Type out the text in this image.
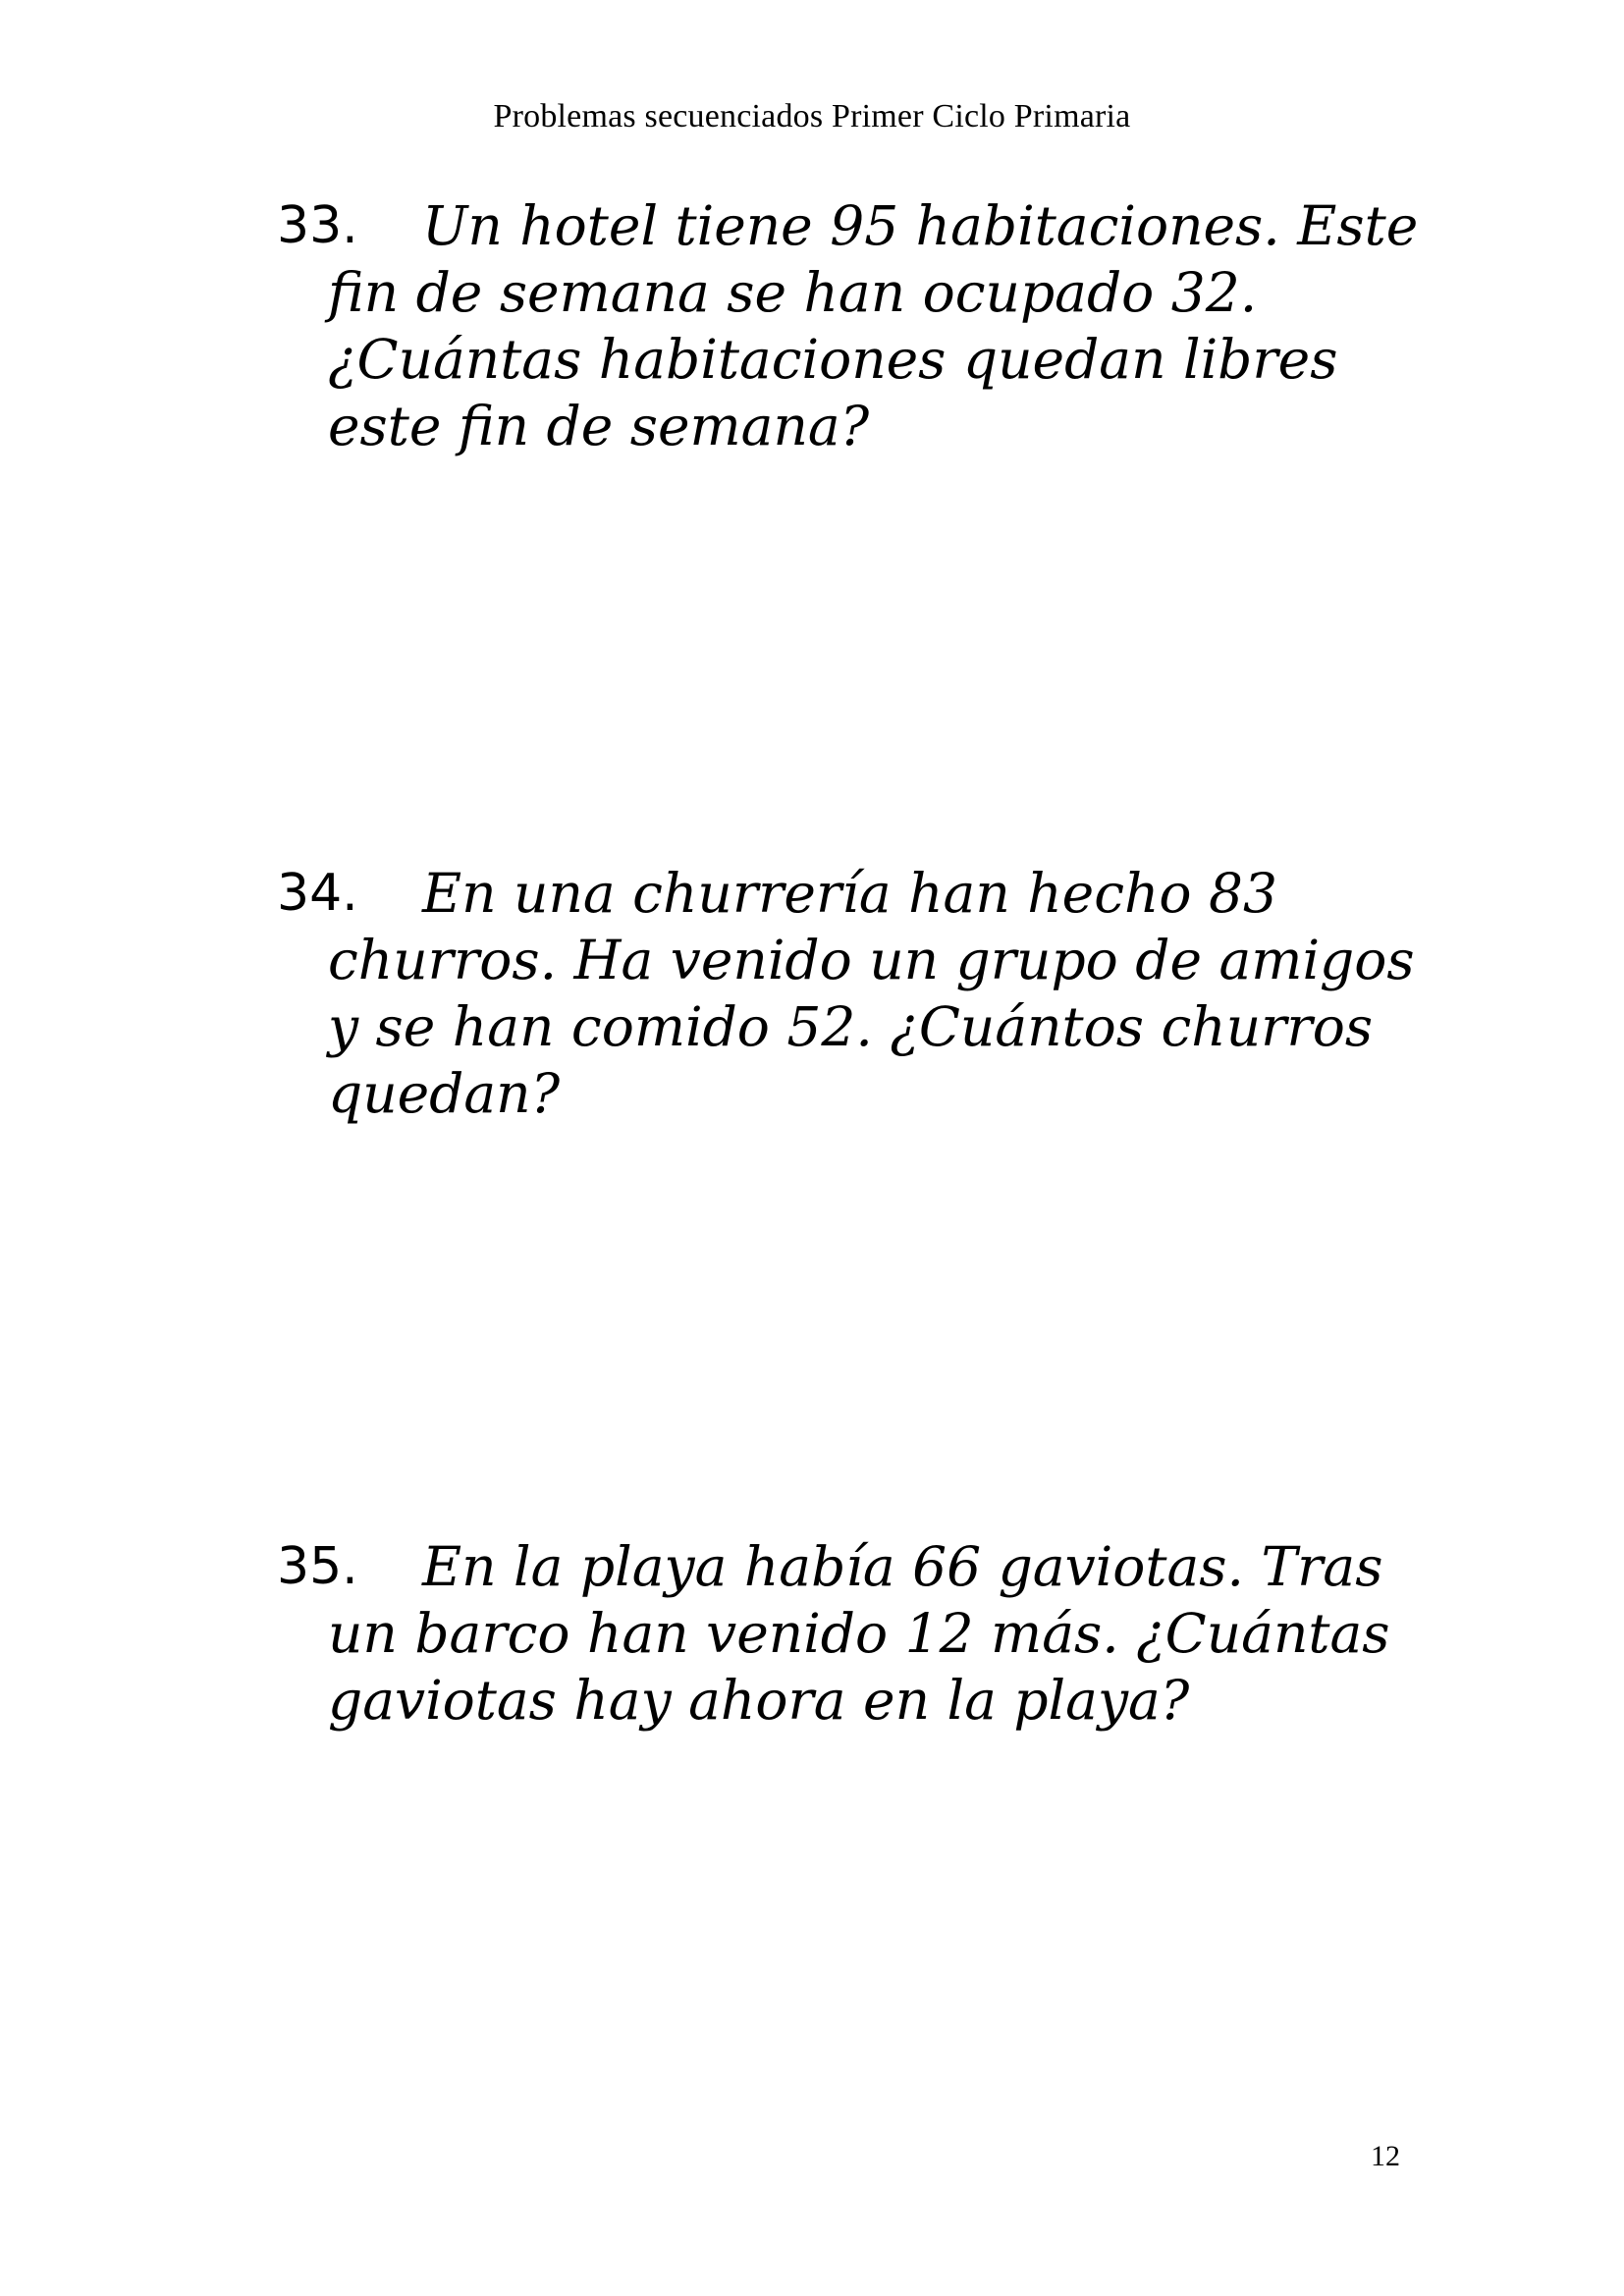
Problemas secuenciados Primer Ciclo Primaria
33.	Un hotel tiene 95 habitaciones. Este
fin de semana se han ocupado 32.
¿Cuántas habitaciones quedan libres
este fin de semana?
34.	En una churrería han hecho 83
churros. Ha venido un grupo de amigos
y se han comido 52. ¿Cuántos churros
quedan?
35.	En la playa había 66 gaviotas. Tras
un barco han venido 12 más. ¿Cuántas
gaviotas hay ahora en la playa?
12
